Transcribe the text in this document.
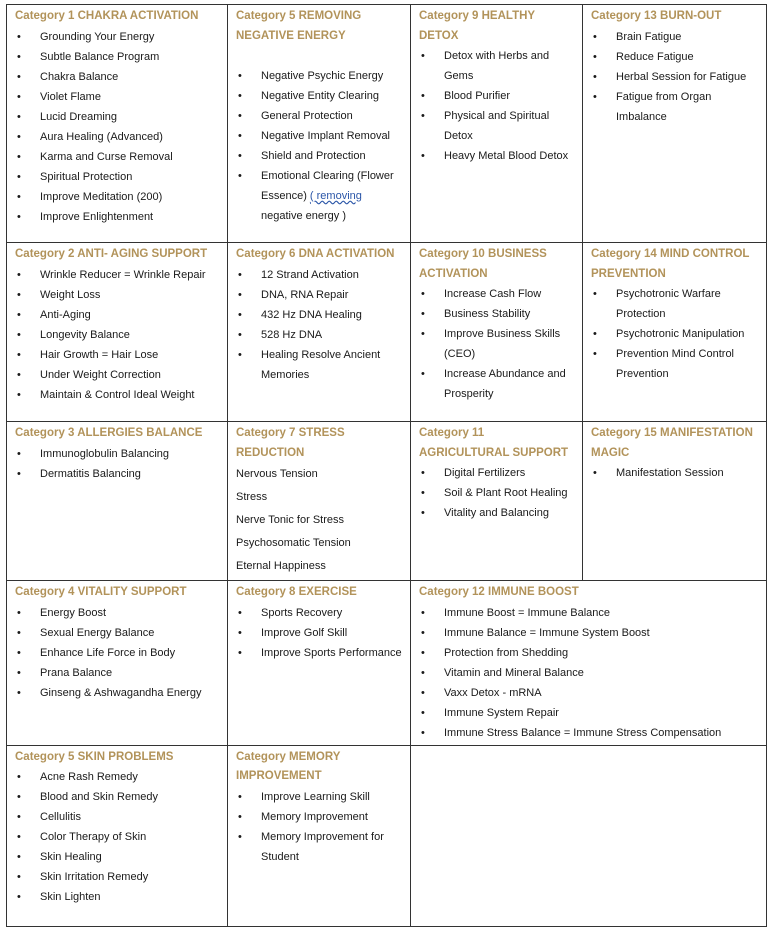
Category 1 CHAKRA ACTIVATION

• Grounding Your Energy
• Subtle Balance Program
• Chakra Balance
• Violet Flame
• Lucid Dreaming
• Aura Healing (Advanced)
• Karma and Curse Removal
• Spiritual Protection
• Improve Meditation (200)
• Improve Enlightenment

Category 5 REMOVING NEGATIVE ENERGY

• Negative Psychic Energy
• Negative Entity Clearing
• General Protection
• Negative Implant Removal
• Shield and Protection
• Emotional Clearing (Flower Essence) ( removing negative energy )

Category 9 HEALTHY DETOX

• Detox with Herbs and Gems
• Blood Purifier
• Physical and Spiritual Detox
• Heavy Metal Blood Detox

Category 13 BURN-OUT

• Brain Fatigue
• Reduce Fatigue
• Herbal Session for Fatigue
• Fatigue from Organ Imbalance

Category 2 ANTI- AGING SUPPORT

• Wrinkle Reducer = Wrinkle Repair
• Weight Loss
• Anti-Aging
• Longevity Balance
• Hair Growth = Hair Lose
• Under Weight Correction
• Maintain & Control Ideal Weight

Category 6 DNA ACTIVATION

• 12 Strand Activation
• DNA, RNA Repair
• 432 Hz DNA Healing
• 528 Hz DNA
• Healing Resolve Ancient Memories

Category 10 BUSINESS ACTIVATION

• Increase Cash Flow
• Business Stability
• Improve Business Skills (CEO)
• Increase Abundance and Prosperity

Category 14 MIND CONTROL PREVENTION

• Psychotronic Warfare Protection
• Psychotronic Manipulation
• Prevention Mind Control Prevention

Category 3 ALLERGIES BALANCE

• Immunoglobulin Balancing
• Dermatitis Balancing

Category 7 STRESS REDUCTION

Nervous Tension
Stress
Nerve Tonic for Stress
Psychosomatic Tension
Eternal Happiness

Category 11 AGRICULTURAL SUPPORT

• Digital Fertilizers
• Soil & Plant Root Healing
• Vitality and Balancing

Category 15 MANIFESTATION MAGIC

• Manifestation Session

Category 4 VITALITY SUPPORT

• Energy Boost
• Sexual Energy Balance
• Enhance Life Force in Body
• Prana Balance
• Ginseng & Ashwagandha Energy

Category 8 EXERCISE

• Sports Recovery
• Improve Golf Skill
• Improve Sports Performance

Category 12 IMMUNE BOOST

• Immune Boost = Immune Balance
• Immune Balance = Immune System Boost
• Protection from Shedding
• Vitamin and Mineral Balance
• Vaxx Detox - mRNA
• Immune System Repair
• Immune Stress Balance = Immune Stress Compensation

Category 5 SKIN PROBLEMS

• Acne Rash Remedy
• Blood and Skin Remedy
• Cellulitis
• Color Therapy of Skin
• Skin Healing
• Skin Irritation Remedy
• Skin Lighten

Category MEMORY IMPROVEMENT

• Improve Learning Skill
• Memory Improvement
• Memory Improvement for Student
